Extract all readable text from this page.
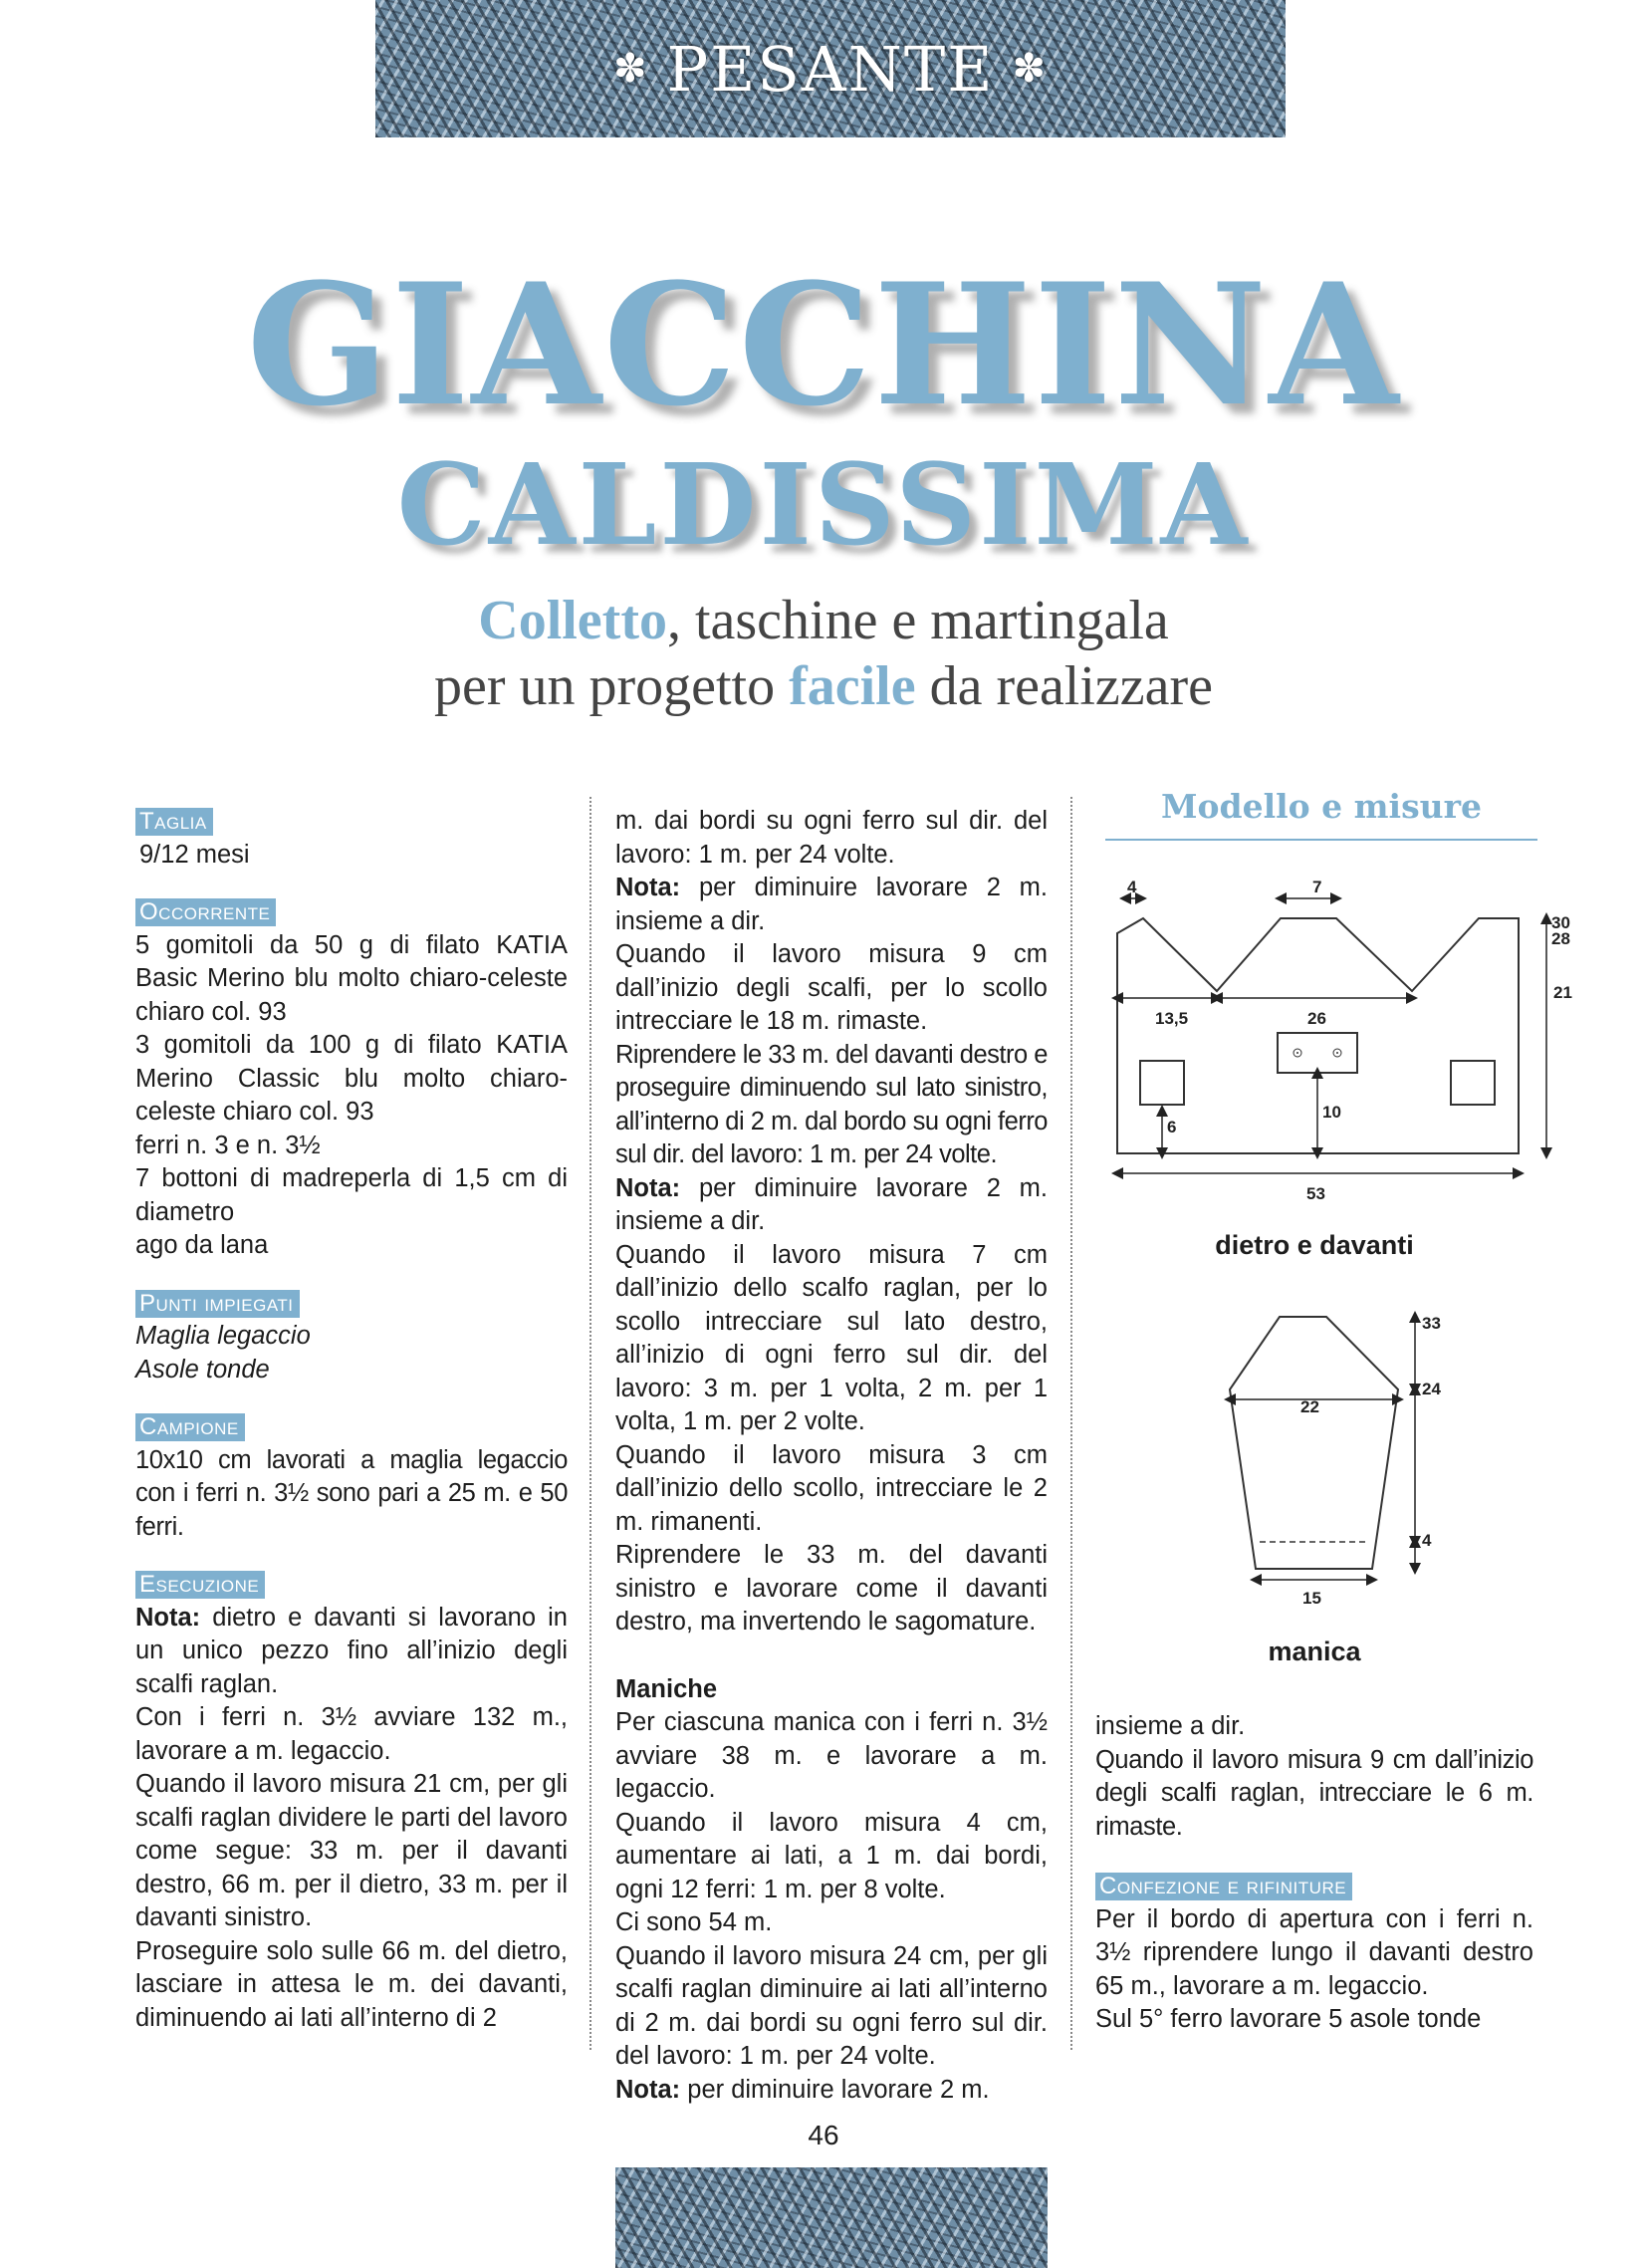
✽ PESANTE ✽
GIACCHINA
CALDISSIMA
Colletto, taschine e martingala
per un progetto facile da realizzare
Taglia

9/12 mesi

Occorrente

5 gomitoli da 50 g di filato KATIA Basic Merino blu molto chiaro-celeste chiaro col. 93

3 gomitoli da 100 g di filato KATIA Merino Classic blu molto chiaro-celeste chiaro col. 93

ferri n. 3 e n. 3½

7 bottoni di madreperla di 1,5 cm di diametro

ago da lana

Punti impiegati

Maglia legaccio

Asole tonde

Campione

10x10 cm lavorati a maglia legaccio con i ferri n. 3½ sono pari a 25 m. e 50 ferri.

Esecuzione

Nota: dietro e davanti si lavorano in un unico pezzo fino all’inizio degli scalfi raglan.

Con i ferri n. 3½ avviare 132 m., lavorare a m. legaccio.

Quando il lavoro misura 21 cm, per gli scalfi raglan dividere le parti del lavoro come segue: 33 m. per il davanti destro, 66 m. per il dietro, 33 m. per il davanti sinistro.

Proseguire solo sulle 66 m. del dietro, lasciare in attesa le m. dei davanti, diminuendo ai lati all’interno di 2

m. dai bordi su ogni ferro sul dir. del lavoro: 1 m. per 24 volte.

Nota: per diminuire lavorare 2 m. insieme a dir.

Quando il lavoro misura 9 cm dall’inizio degli scalfi, per lo scollo intrecciare le 18 m. rimaste.

Riprendere le 33 m. del davanti destro e proseguire diminuendo sul lato sinistro, all’interno di 2 m. dal bordo su ogni ferro sul dir. del lavoro: 1 m. per 24 volte.

Nota: per diminuire lavorare 2 m. insieme a dir.

Quando il lavoro misura 7 cm dall’inizio dello scalfo raglan, per lo scollo intrecciare sul lato destro, all’inizio di ogni ferro sul dir. del lavoro: 3 m. per 1 volta, 2 m. per 1 volta, 1 m. per 2 volte.

Quando il lavoro misura 3 cm dall’inizio dello scollo, intrecciare le 2 m. rimanenti.

Riprendere le 33 m. del davanti sinistro e lavorare come il davanti destro, ma invertendo le sagomature.

Maniche

Per ciascuna manica con i ferri n. 3½ avviare 38 m. e lavorare a m. legaccio.

Quando il lavoro misura 4 cm, aumentare ai lati, a 1 m. dai bordi, ogni 12 ferri: 1 m. per 8 volte.

Ci sono 54 m.

Quando il lavoro misura 24 cm, per gli scalfi raglan diminuire ai lati all’interno di 2 m. dai bordi su ogni ferro sul dir. del lavoro: 1 m. per 24 volte.

Nota: per diminuire lavorare 2 m.

Modello e misure
4	7
30
28
21
13,5	26
10
6
53
33
24
22
4
15
dietro e davanti
manica

insieme a dir.

Quando il lavoro misura 9 cm dall’inizio degli scalfi raglan, intrecciare le 6 m. rimaste.

Confezione e rifiniture

Per il bordo di apertura con i ferri n. 3½ riprendere lungo il davanti destro 65 m., lavorare a m. legaccio.

Sul 5° ferro lavorare 5 asole tonde

46
